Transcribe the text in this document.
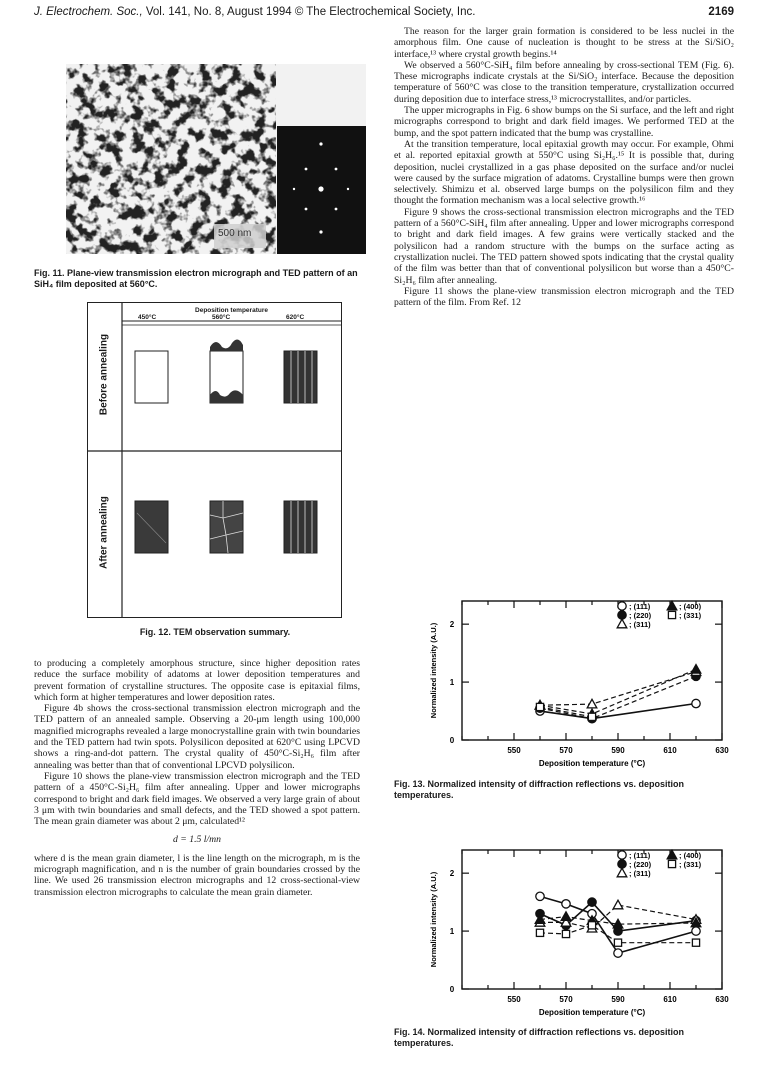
J. Electrochem. Soc., Vol. 141, No. 8, August 1994 © The Electrochemical Society, Inc.	2169
500 nm
Fig. 11. Plane-view transmission electron micrograph and TED pattern of an SiH₄ film deposited at 560°C.
Deposition temperature
450°C	560°C	620°C
Before annealing
After annealing
Fig. 12. TEM observation summary.

to producing a completely amorphous structure, since higher deposition rates reduce the surface mobility of adatoms at lower deposition temperatures and prevent formation of crystalline structures. The opposite case is epitaxial films, which form at higher temperatures and lower deposition rates.

Figure 4b shows the cross-sectional transmission electron micrograph and the TED pattern of an annealed sample. Observing a 20-μm length using 100,000 magnified micrographs revealed a large monocrystalline grain with twin boundaries and the TED pattern had twin spots. Polysilicon deposited at 620°C using LPCVD shows a ring-and-dot pattern. The crystal quality of 450°C-Si₂H₆ film after annealing was better than that of conventional LPCVD polysilicon.

Figure 10 shows the plane-view transmission electron micrograph and the TED pattern of a 450°C-Si₂H₆ film after annealing. Upper and lower micrographs correspond to bright and dark field images. We observed a very large grain of about 3 μm with twin boundaries and small defects, and the TED showed a spot pattern. The mean grain diameter was about 2 μm, calculated¹²

d = 1.5 l/mn

where d is the mean grain diameter, l is the line length on the micrograph, m is the micrograph magnification, and n is the number of grain boundaries crossed by the line. We used 26 transmission electron micrographs and 12 cross-sectional-view transmission electron micrographs to calculate the mean grain diameter.

The reason for the larger grain formation is considered to be less nuclei in the amorphous film. One cause of nucleation is thought to be stress at the Si/SiO₂ interface,¹³ where crystal growth begins.¹⁴

We observed a 560°C-SiH₄ film before annealing by cross-sectional TEM (Fig. 6). These micrographs indicate crystals at the Si/SiO₂ interface. Because the deposition temperature of 560°C was close to the transition temperature, crystallization occurred during deposition due to interface stress,¹³ microcrystallites, and/or particles.

The upper micrographs in Fig. 6 show bumps on the Si surface, and the left and right micrographs correspond to bright and dark field images. We performed TED at the bump, and the spot pattern indicated that the bump was crystalline.

At the transition temperature, local epitaxial growth may occur. For example, Ohmi et al. reported epitaxial growth at 550°C using Si₂H₆.¹⁵ It is possible that, during deposition, nuclei crystallized in a gas phase deposited on the surface and/or nuclei were caused by the surface migration of adatoms. Crystalline bumps were then grown selectively. Shimizu et al. observed large bumps on the polysilicon film and they thought the formation mechanism was a local selective growth.¹⁶

Figure 9 shows the cross-sectional transmission electron micrographs and the TED pattern of a 560°C-SiH₄ film after annealing. Upper and lower micrographs correspond to bright and dark field images. A few grains were vertically stacked and the polysilicon had a random structure with the bumps on the surface acting as crystallization nuclei. The TED pattern showed spots indicating that the crystal quality of the film was better than that of conventional polysilicon but worse than a 450°C-Si₂H₆ film after annealing.

Figure 11 shows the plane-view transmission electron micrograph and the TED pattern of the film. From Ref. 12

550	570	590	610	630
0
1
2
Deposition temperature (°C)
Normalized intensity (A.U.)
; (111)
; (220)
; (311)
; (400)
; (331)
Fig. 13. Normalized intensity of diffraction reflections vs. deposition temperatures.
550	570	590	610	630
0
1
2
Deposition temperature (°C)
Normalized intensity (A.U.)
; (111)
; (220)
; (311)
; (400)
; (331)
Fig. 14. Normalized intensity of diffraction reflections vs. deposition temperatures.
